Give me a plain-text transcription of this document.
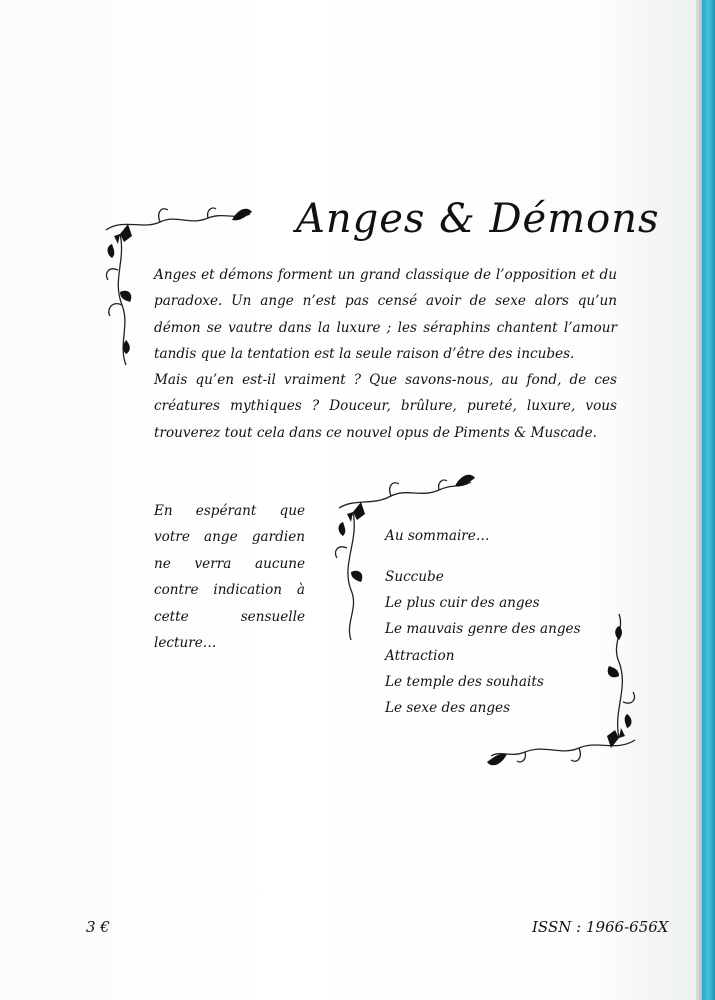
Anges & Démons

Anges et démons forment un grand classique de l’opposition et du paradoxe. Un ange n’est pas censé avoir de sexe alors qu’un démon se vautre dans la luxure ; les séraphins chantent l’amour tandis que la tentation est la seule raison d’être des incubes.

Mais qu’en est-il vraiment ? Que savons-nous, au fond, de ces créatures mythiques ? Douceur, brûlure, pureté, luxure, vous trouverez tout cela dans ce nouvel opus de Piments & Muscade.

En espérant que votre ange gardien ne verra aucune contre indication à cette sensuelle lecture…
Au sommaire…
Succube
Le plus cuir des anges
Le mauvais genre des anges
Attraction
Le temple des souhaits
Le sexe des anges
3 €	ISSN : 1966-656X
